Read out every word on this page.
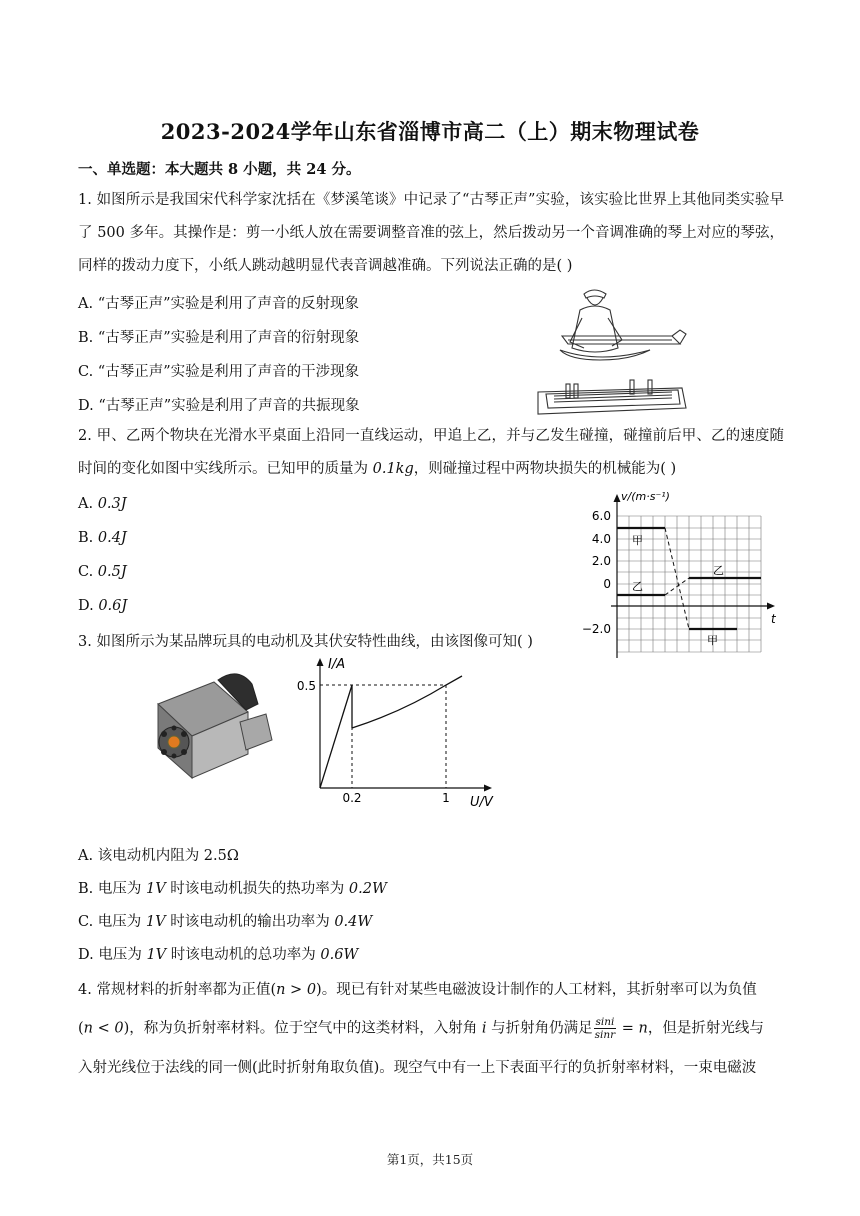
2023-2024学年山东省淄博市高二（上）期末物理试卷
一、单选题：本大题共 8 小题，共 24 分。
1. 如图所示是我国宋代科学家沈括在《梦溪笔谈》中记录了“古琴正声”实验，该实验比世界上其他同类实验早了 500 多年。其操作是：剪一小纸人放在需要调整音准的弦上，然后拨动另一个音调准确的琴上对应的琴弦，同样的拨动力度下，小纸人跳动越明显代表音调越准确。下列说法正确的是( )
A. “古琴正声”实验是利用了声音的反射现象
B. “古琴正声”实验是利用了声音的衍射现象
C. “古琴正声”实验是利用了声音的干涉现象
D. “古琴正声”实验是利用了声音的共振现象
2. 甲、乙两个物块在光滑水平桌面上沿同一直线运动，甲追上乙，并与乙发生碰撞，碰撞前后甲、乙的速度随时间的变化如图中实线所示。已知甲的质量为 0.1kg，则碰撞过程中两物块损失的机械能为( )
A. 0.3J
B. 0.4J
C. 0.5J
D. 0.6J
v/(m·s⁻¹)
t
6.0
4.0
2.0
0
−2.0
甲
乙
乙
甲
3. 如图所示为某品牌玩具的电动机及其伏安特性曲线，由该图像可知( )
I/A
0.5
0.2	1 U/V
A. 该电动机内阻为 2.5Ω
B. 电压为 1V 时该电动机损失的热功率为 0.2W
C. 电压为 1V 时该电动机的输出功率为 0.4W
D. 电压为 1V 时该电动机的总功率为 0.6W
4. 常规材料的折射率都为正值(n > 0)。现已有针对某些电磁波设计制作的人工材料，其折射率可以为负值
(n < 0)，称为负折射率材料。位于空气中的这类材料，入射角 i 与折射角仍满足 $\frac{\sin i}{\sin r} = n$，但是折射光线与
入射光线位于法线的同一侧(此时折射角取负值)。现空气中有一上下表面平行的负折射率材料，一束电磁波
第1页，共15页
